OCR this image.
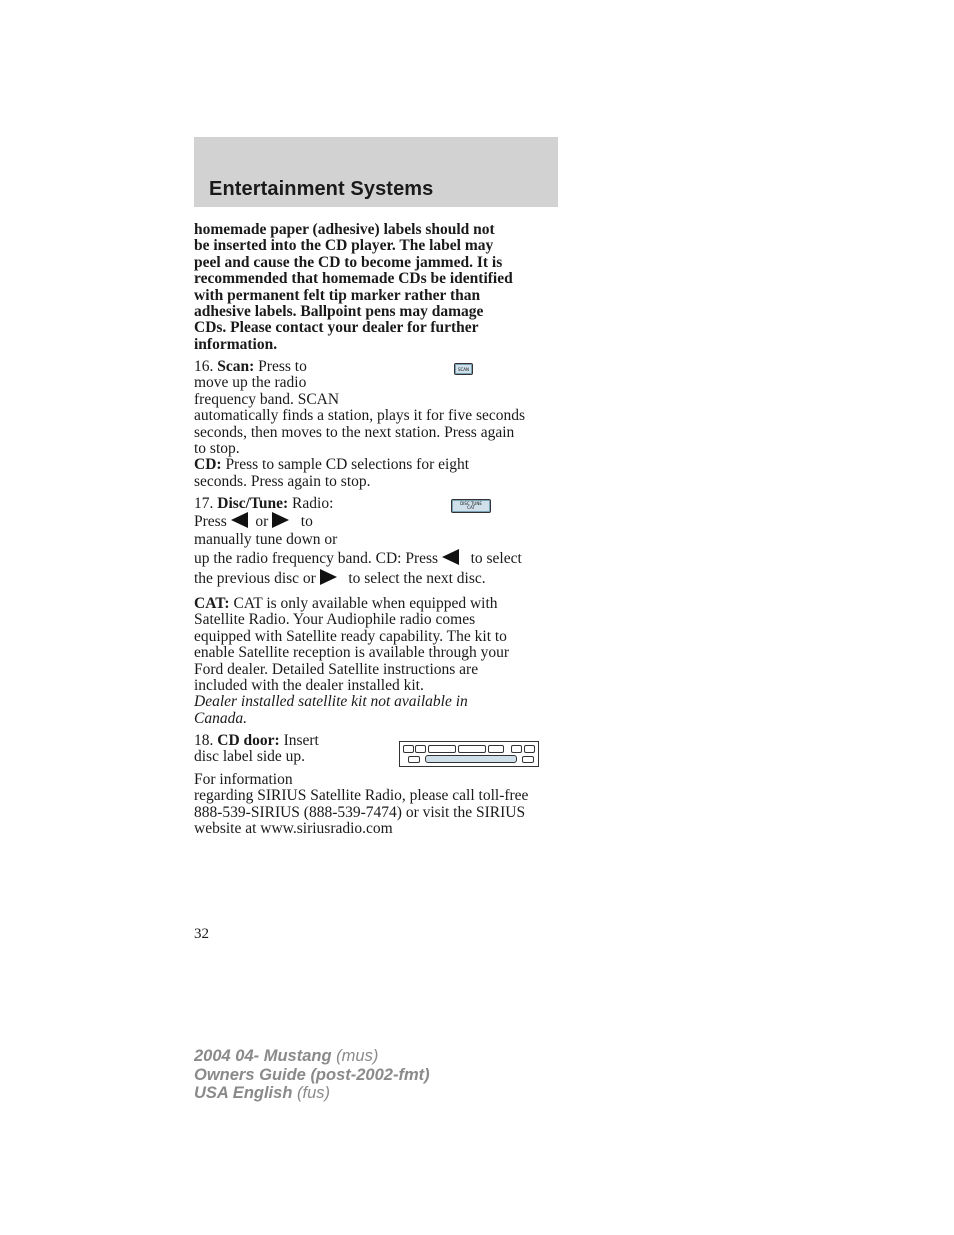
Entertainment Systems
homemade paper (adhesive) labels should not
be inserted into the CD player. The label may
peel and cause the CD to become jammed. It is
recommended that homemade CDs be identified
with permanent felt tip marker rather than
adhesive labels. Ballpoint pens may damage
CDs. Please contact your dealer for further
information.
16. Scan: Press to
move up the radio
frequency band. SCAN
automatically finds a station, plays it for five seconds
seconds, then moves to the next station. Press again
to stop.
CD: Press to sample CD selections for eight
seconds. Press again to stop.
SCAN
17. Disc/Tune: Radio:
Press or to
manually tune down or
up the radio frequency band. CD: Press to select
the previous disc or to select the next disc.
DISC TUNE
CAT
CAT: CAT is only available when equipped with
Satellite Radio. Your Audiophile radio comes
equipped with Satellite ready capability. The kit to
enable Satellite reception is available through your
Ford dealer. Detailed Satellite instructions are
included with the dealer installed kit.
Dealer installed satellite kit not available in
Canada.
18. CD door: Insert
disc label side up.
For information
regarding SIRIUS Satellite Radio, please call toll-free
888-539-SIRIUS (888-539-7474) or visit the SIRIUS
website at www.siriusradio.com
32
2004 04- Mustang (mus)
Owners Guide (post-2002-fmt)
USA English (fus)
